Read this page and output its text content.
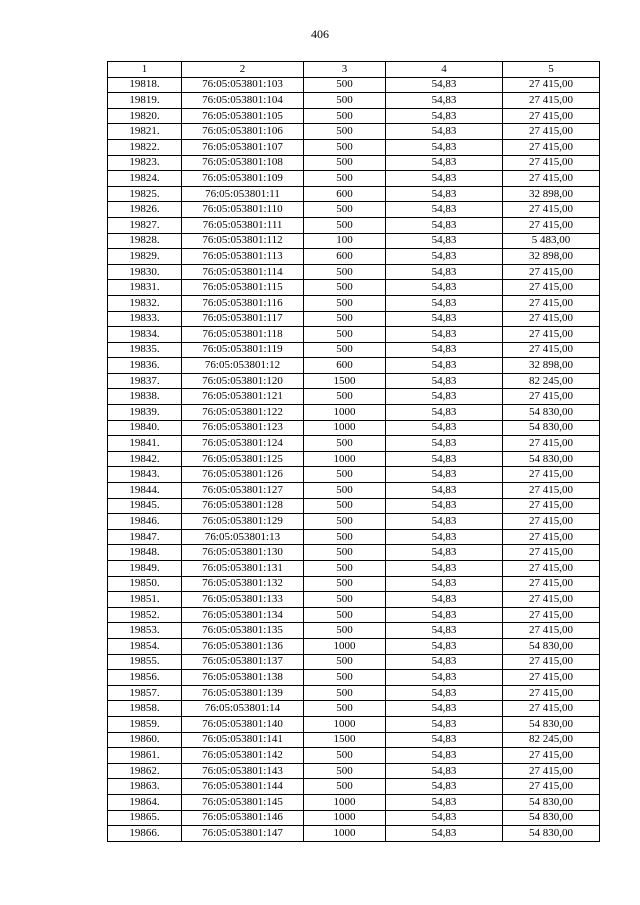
406
1	2	3	4	5
19818.	76:05:053801:103	500	54,83	27 415,00
19819.	76:05:053801:104	500	54,83	27 415,00
19820.	76:05:053801:105	500	54,83	27 415,00
19821.	76:05:053801:106	500	54,83	27 415,00
19822.	76:05:053801:107	500	54,83	27 415,00
19823.	76:05:053801:108	500	54,83	27 415,00
19824.	76:05:053801:109	500	54,83	27 415,00
19825.	76:05:053801:11	600	54,83	32 898,00
19826.	76:05:053801:110	500	54,83	27 415,00
19827.	76:05:053801:111	500	54,83	27 415,00
19828.	76:05:053801:112	100	54,83	5 483,00
19829.	76:05:053801:113	600	54,83	32 898,00
19830.	76:05:053801:114	500	54,83	27 415,00
19831.	76:05:053801:115	500	54,83	27 415,00
19832.	76:05:053801:116	500	54,83	27 415,00
19833.	76:05:053801:117	500	54,83	27 415,00
19834.	76:05:053801:118	500	54,83	27 415,00
19835.	76:05:053801:119	500	54,83	27 415,00
19836.	76:05:053801:12	600	54,83	32 898,00
19837.	76:05:053801:120	1500	54,83	82 245,00
19838.	76:05:053801:121	500	54,83	27 415,00
19839.	76:05:053801:122	1000	54,83	54 830,00
19840.	76:05:053801:123	1000	54,83	54 830,00
19841.	76:05:053801:124	500	54,83	27 415,00
19842.	76:05:053801:125	1000	54,83	54 830,00
19843.	76:05:053801:126	500	54,83	27 415,00
19844.	76:05:053801:127	500	54,83	27 415,00
19845.	76:05:053801:128	500	54,83	27 415,00
19846.	76:05:053801:129	500	54,83	27 415,00
19847.	76:05:053801:13	500	54,83	27 415,00
19848.	76:05:053801:130	500	54,83	27 415,00
19849.	76:05:053801:131	500	54,83	27 415,00
19850.	76:05:053801:132	500	54,83	27 415,00
19851.	76:05:053801:133	500	54,83	27 415,00
19852.	76:05:053801:134	500	54,83	27 415,00
19853.	76:05:053801:135	500	54,83	27 415,00
19854.	76:05:053801:136	1000	54,83	54 830,00
19855.	76:05:053801:137	500	54,83	27 415,00
19856.	76:05:053801:138	500	54,83	27 415,00
19857.	76:05:053801:139	500	54,83	27 415,00
19858.	76:05:053801:14	500	54,83	27 415,00
19859.	76:05:053801:140	1000	54,83	54 830,00
19860.	76:05:053801:141	1500	54,83	82 245,00
19861.	76:05:053801:142	500	54,83	27 415,00
19862.	76:05:053801:143	500	54,83	27 415,00
19863.	76:05:053801:144	500	54,83	27 415,00
19864.	76:05:053801:145	1000	54,83	54 830,00
19865.	76:05:053801:146	1000	54,83	54 830,00
19866.	76:05:053801:147	1000	54,83	54 830,00
